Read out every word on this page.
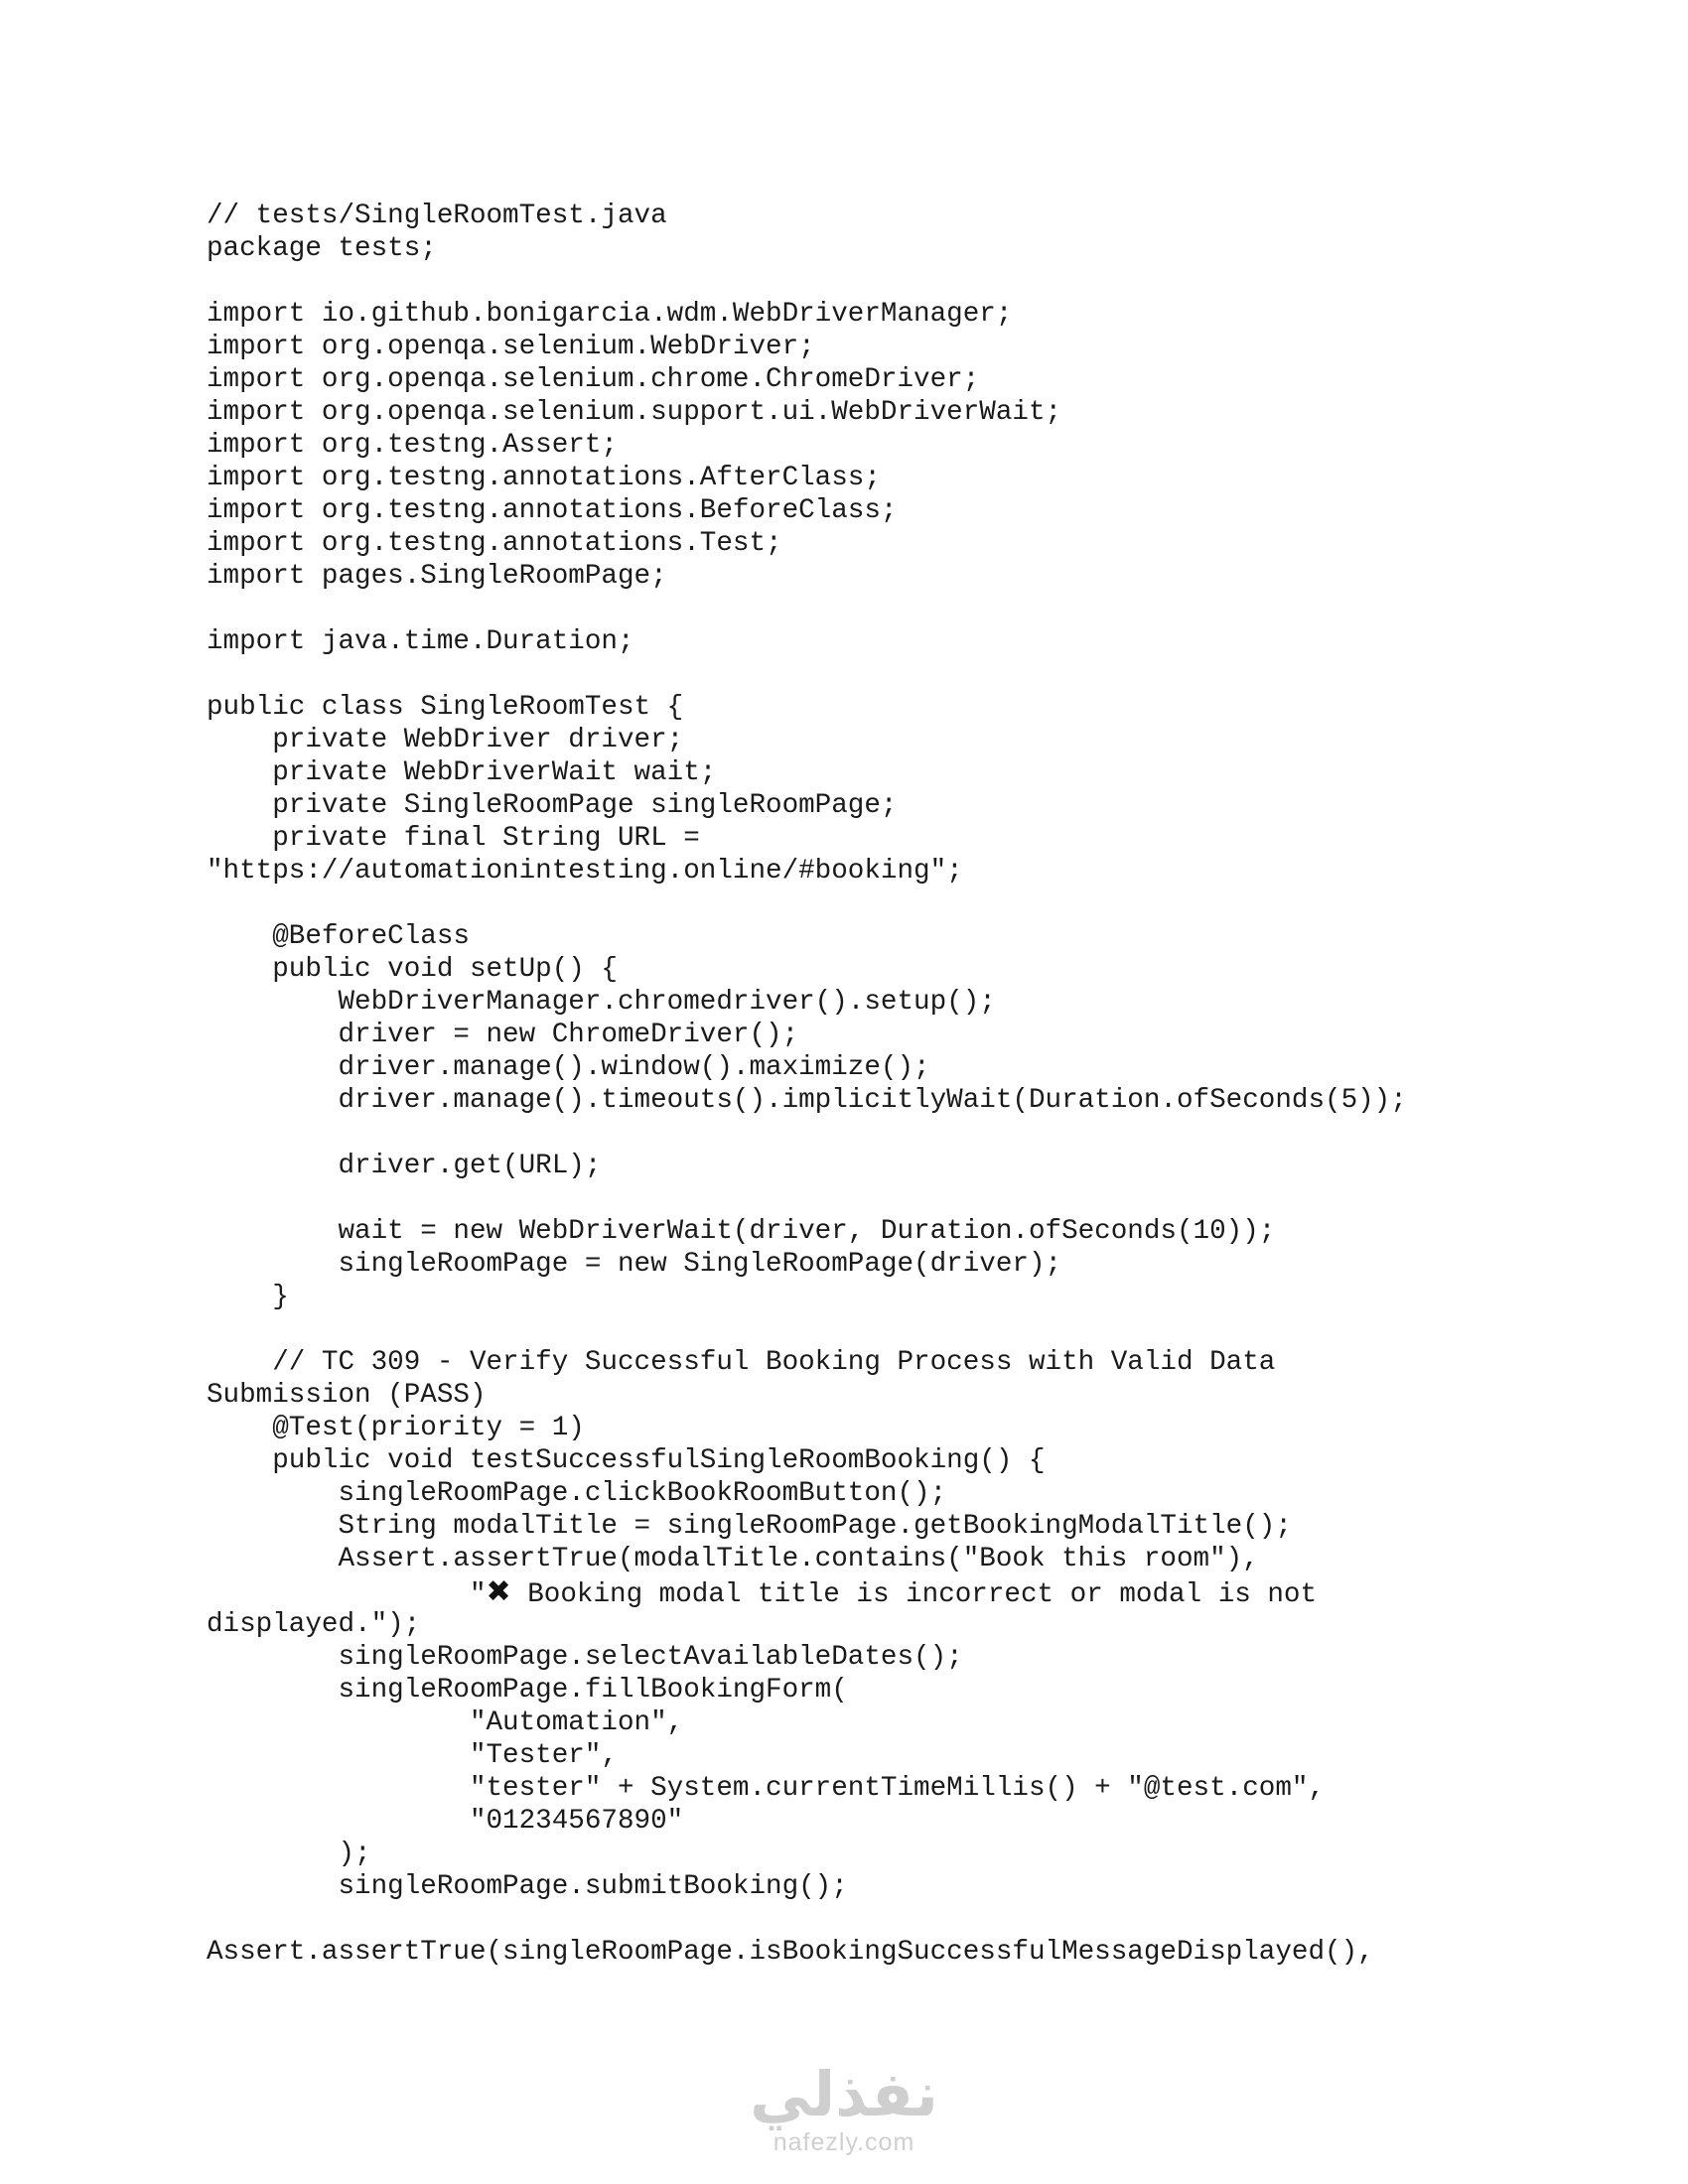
// tests/SingleRoomTest.java
package tests;
import io.github.bonigarcia.wdm.WebDriverManager;
import org.openqa.selenium.WebDriver;
import org.openqa.selenium.chrome.ChromeDriver;
import org.openqa.selenium.support.ui.WebDriverWait;
import org.testng.Assert;
import org.testng.annotations.AfterClass;
import org.testng.annotations.BeforeClass;
import org.testng.annotations.Test;
import pages.SingleRoomPage;
import java.time.Duration;
public class SingleRoomTest {
private WebDriver driver;
private WebDriverWait wait;
private SingleRoomPage singleRoomPage;
private final String URL =
"https://automationintesting.online/#booking";
@BeforeClass
public void setUp() {
WebDriverManager.chromedriver().setup();
driver = new ChromeDriver();
driver.manage().window().maximize();
driver.manage().timeouts().implicitlyWait(Duration.ofSeconds(5));
driver.get(URL);
wait = new WebDriverWait(driver, Duration.ofSeconds(10));
singleRoomPage = new SingleRoomPage(driver);
}
// TC 309 - Verify Successful Booking Process with Valid Data
Submission (PASS)
@Test(priority = 1)
public void testSuccessfulSingleRoomBooking() {
singleRoomPage.clickBookRoomButton();
String modalTitle = singleRoomPage.getBookingModalTitle();
Assert.assertTrue(modalTitle.contains("Book this room"),
"✖ Booking modal title is incorrect or modal is not
displayed.");
singleRoomPage.selectAvailableDates();
singleRoomPage.fillBookingForm(
"Automation",
"Tester",
"tester" + System.currentTimeMillis() + "@test.com",
"01234567890"
);
singleRoomPage.submitBooking();
Assert.assertTrue(singleRoomPage.isBookingSuccessfulMessageDisplayed(),
نفذلي
nafezly.com
